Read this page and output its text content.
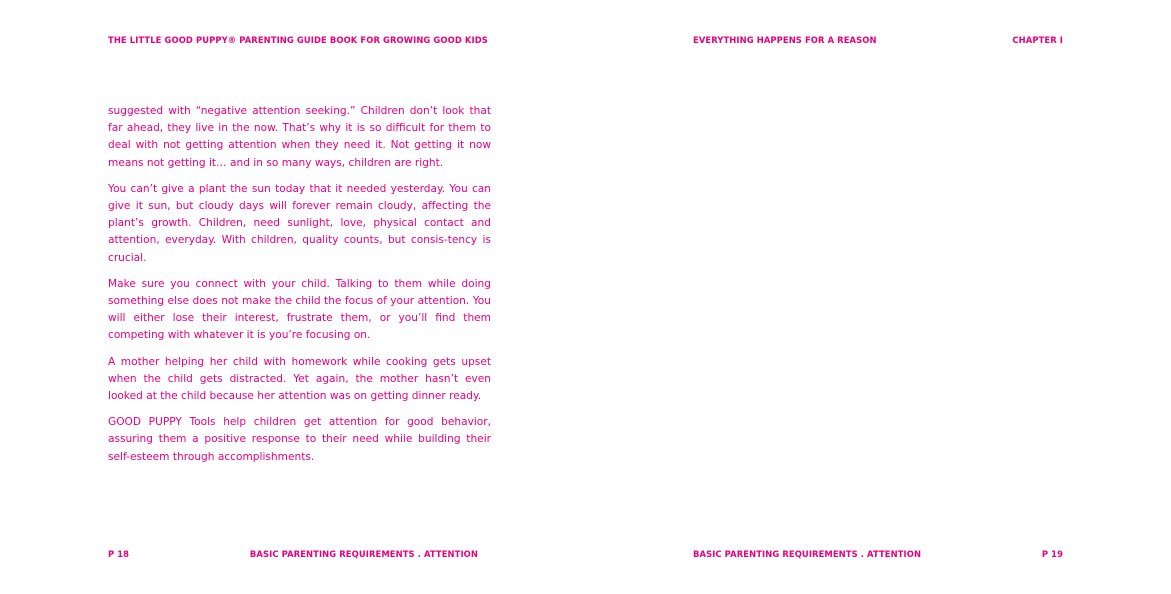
THE LITTLE GOOD PUPPY® PARENTING GUIDE BOOK FOR GROWING GOOD KIDS

suggested with “negative attention seeking.” Children don’t look that far ahead, they live in the now. That’s why it is so difficult for them to deal with not getting attention when they need it. Not getting it now means not getting it… and in so many ways, children are right.

You can’t give a plant the sun today that it needed yesterday. You can give it sun, but cloudy days will forever remain cloudy, affecting the plant’s growth. Children, need sunlight, love, physical contact and attention, everyday. With children, quality counts, but consis-tency is crucial.

Make sure you connect with your child. Talking to them while doing something else does not make the child the focus of your attention. You will either lose their interest, frustrate them, or you’ll find them competing with whatever it is you’re focusing on.

A mother helping her child with homework while cooking gets upset when the child gets distracted. Yet again, the mother hasn’t even looked at the child because her attention was on getting dinner ready.

GOOD PUPPY Tools help children get attention for good behavior, assuring them a positive response to their need while building their self-esteem through accomplishments.

P 18	BASIC PARENTING REQUIREMENTS . ATTENTION
EVERYTHING HAPPENS FOR A REASON	CHAPTER I
BASIC PARENTING REQUIREMENTS . ATTENTION	P 19
